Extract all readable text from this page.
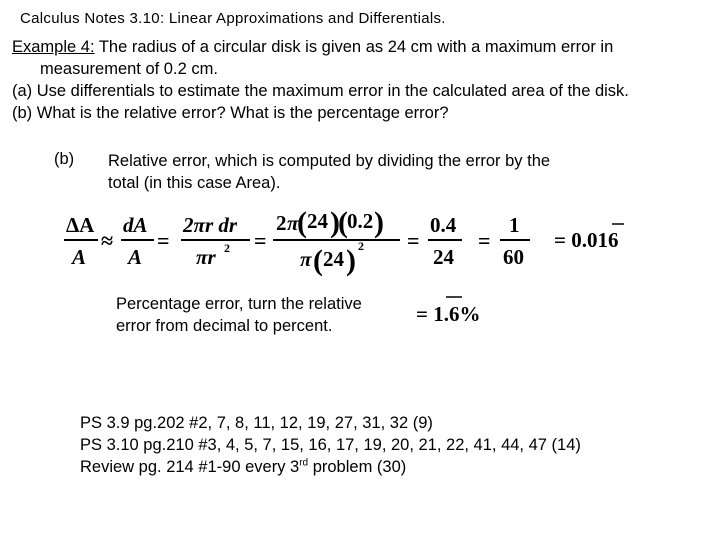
Calculus Notes 3.10: Linear Approximations and Differentials.
Example 4: The radius of a circular disk is given as 24 cm with a maximum error in
measurement of 0.2 cm.
(a) Use differentials to estimate the maximum error in the calculated area of the disk.
(b) What is the relative error? What is the percentage error?
(b) Relative error, which is computed by dividing the error by the
total (in this case Area).
ΔA
A
≈
dA
A
=
2πr dr
πr 2 =
2 π
( 24 )
( 0.2 )
π ( 24 ) 2 =
0.4
24
=
1
60
= 0.016
= 1.6%
Percentage error, turn the relative
error from decimal to percent.
PS 3.9 pg.202 #2, 7, 8, 11, 12, 19, 27, 31, 32 (9)
PS 3.10 pg.210 #3, 4, 5, 7, 15, 16, 17, 19, 20, 21, 22, 41, 44, 47 (14)
Review pg. 214 #1-90 every 3rd problem (30)
